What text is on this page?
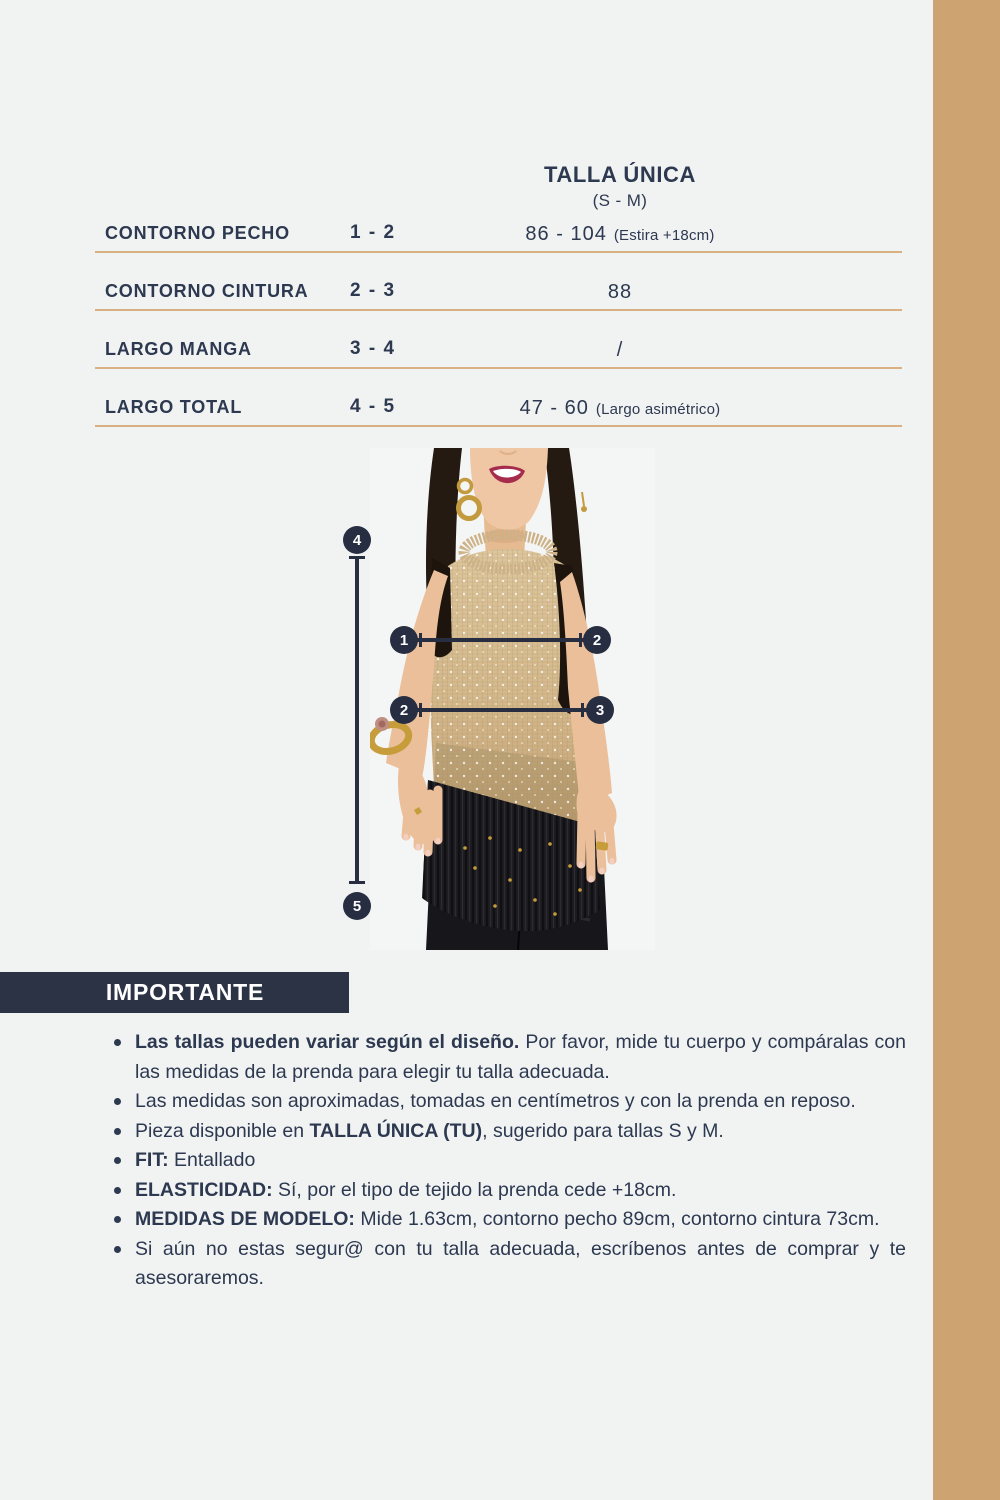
TALLA ÚNICA
(S - M)
CONTORNO PECHO	1 - 2	86 - 104 (Estira +18cm)
CONTORNO CINTURA 2 - 3	88
LARGO MANGA	3 - 4	/
LARGO TOTAL	4 - 5	47 - 60 (Largo asimétrico)
1	2
2	3
4
5
IMPORTANTE
Las tallas pueden variar según el diseño. Por favor, mide tu cuerpo y compáralas con las medidas de la prenda para elegir tu talla adecuada.
Las medidas son aproximadas, tomadas en centímetros y con la prenda en reposo.
Pieza disponible en TALLA ÚNICA (TU), sugerido para tallas S y M.
FIT: Entallado
ELASTICIDAD: Sí, por el tipo de tejido la prenda cede +18cm.
MEDIDAS DE MODELO: Mide 1.63cm, contorno pecho 89cm, contorno cintura 73cm.
Si aún no estas segur@ con tu talla adecuada, escríbenos antes de comprar y te asesoraremos.
